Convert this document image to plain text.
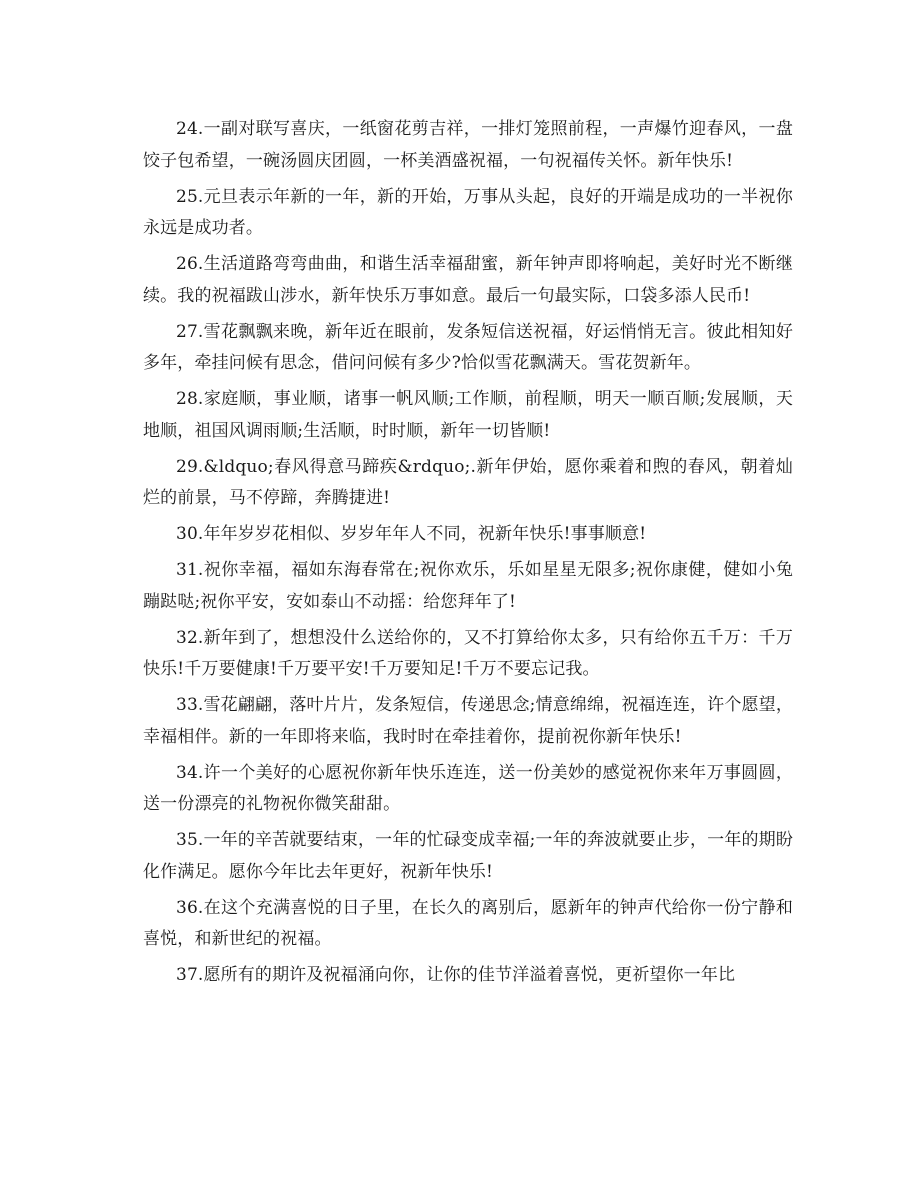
24.一副对联写喜庆，一纸窗花剪吉祥，一排灯笼照前程，一声爆竹迎春风，一盘饺子包希望，一碗汤圆庆团圆，一杯美酒盛祝福，一句祝福传关怀。新年快乐!

25.元旦表示年新的一年，新的开始，万事从头起，良好的开端是成功的一半祝你永远是成功者。

26.生活道路弯弯曲曲，和谐生活幸福甜蜜，新年钟声即将响起，美好时光不断继续。我的祝福跋山涉水，新年快乐万事如意。最后一句最实际，口袋多添人民币!

27.雪花飘飘来晚，新年近在眼前，发条短信送祝福，好运悄悄无言。彼此相知好多年，牵挂问候有思念，借问问候有多少?恰似雪花飘满天。雪花贺新年。

28.家庭顺，事业顺，诸事一帆风顺;工作顺，前程顺，明天一顺百顺;发展顺，天地顺，祖国风调雨顺;生活顺，时时顺，新年一切皆顺!

29.&ldquo;春风得意马蹄疾&rdquo;.新年伊始，愿你乘着和煦的春风，朝着灿烂的前景，马不停蹄，奔腾捷进!

30.年年岁岁花相似、岁岁年年人不同，祝新年快乐!事事顺意!

31.祝你幸福，福如东海春常在;祝你欢乐，乐如星星无限多;祝你康健，健如小兔蹦跶哒;祝你平安，安如泰山不动摇：给您拜年了!

32.新年到了，想想没什么送给你的，又不打算给你太多，只有给你五千万：千万快乐!千万要健康!千万要平安!千万要知足!千万不要忘记我。

33.雪花翩翩，落叶片片，发条短信，传递思念;情意绵绵，祝福连连，许个愿望，幸福相伴。新的一年即将来临，我时时在牵挂着你，提前祝你新年快乐!

34.许一个美好的心愿祝你新年快乐连连，送一份美妙的感觉祝你来年万事圆圆，送一份漂亮的礼物祝你微笑甜甜。

35.一年的辛苦就要结束，一年的忙碌变成幸福;一年的奔波就要止步，一年的期盼化作满足。愿你今年比去年更好，祝新年快乐!

36.在这个充满喜悦的日子里，在长久的离别后，愿新年的钟声代给你一份宁静和喜悦，和新世纪的祝福。

37.愿所有的期许及祝福涌向你，让你的佳节洋溢着喜悦，更祈望你一年比
